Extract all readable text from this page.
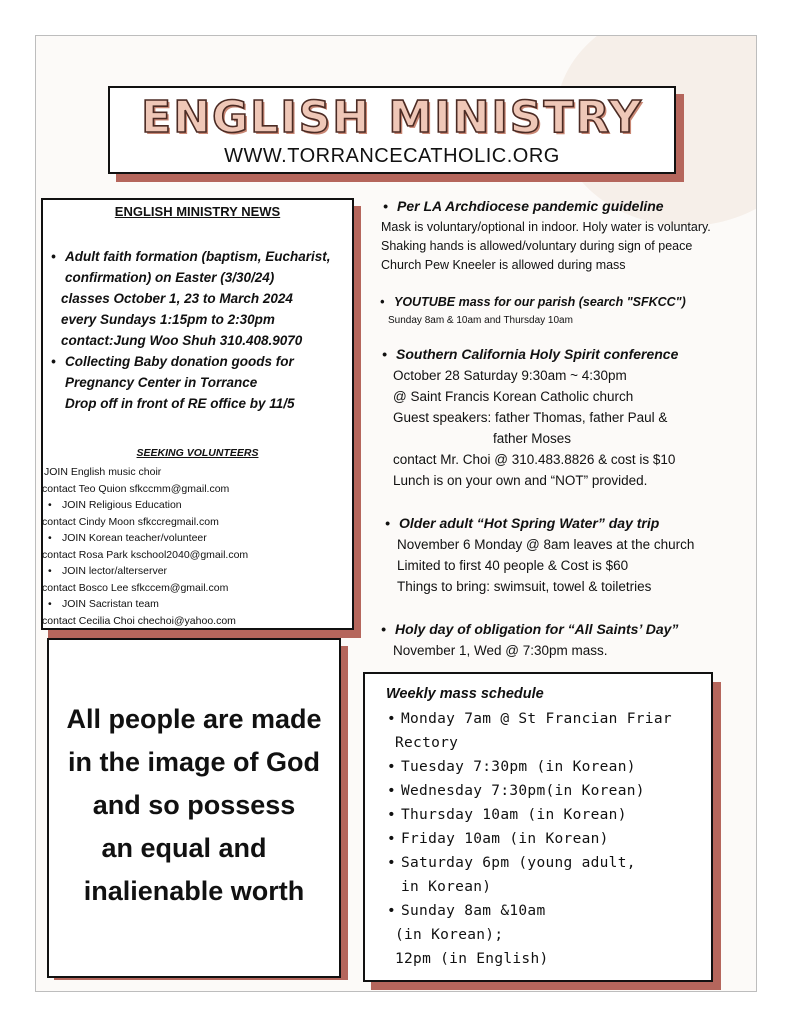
ENGLISH MINISTRY
WWW.TORRANCECATHOLIC.ORG
ENGLISH MINISTRY NEWS
• Adult faith formation (baptism, Eucharist,
confirmation) on Easter (3/30/24)
classes October 1, 23 to March 2024
every Sundays 1:15pm to 2:30pm
contact:Jung Woo Shuh 310.408.9070
• Collecting Baby donation goods for
Pregnancy Center in Torrance
Drop off in front of RE office by 11/5
SEEKING VOLUNTEERS
JOIN English music choir
contact Teo Quion sfkccmm@gmail.com
• JOIN Religious Education
contact Cindy Moon sfkccregmail.com
• JOIN Korean teacher/volunteer
contact Rosa Park kschool2040@gmail.com
• JOIN lector/alterserver
contact Bosco Lee sfkccem@gmail.com
• JOIN Sacristan team
contact Cecilia Choi chechoi@yahoo.com
All people are made
in the image of God
and so possess
an equal and
inalienable worth
• Per LA Archdiocese pandemic guideline
Mask is voluntary/optional in indoor. Holy water is voluntary.
Shaking hands is allowed/voluntary during sign of peace
Church Pew Kneeler is allowed during mass
• YOUTUBE mass for our parish (search "SFKCC")
Sunday 8am & 10am and Thursday 10am
• Southern California Holy Spirit conference
October 28 Saturday 9:30am ~ 4:30pm
@ Saint Francis Korean Catholic church
Guest speakers: father Thomas, father Paul &
father Moses
contact Mr. Choi @ 310.483.8826 & cost is $10
Lunch is on your own and “NOT” provided.
• Older adult “Hot Spring Water” day trip
November 6 Monday @ 8am leaves at the church
Limited to first 40 people & Cost is $60
Things to bring: swimsuit, towel & toiletries
• Holy day of obligation for “All Saints’ Day”
November 1, Wed @ 7:30pm mass.
Weekly mass schedule
• Monday 7am @ St Francian Friar
Rectory
• Tuesday 7:30pm (in Korean)
• Wednesday 7:30pm(in Korean)
• Thursday 10am (in Korean)
• Friday 10am (in Korean)
• Saturday 6pm (young adult,
in Korean)
• Sunday 8am &10am
(in Korean);
12pm (in English)
